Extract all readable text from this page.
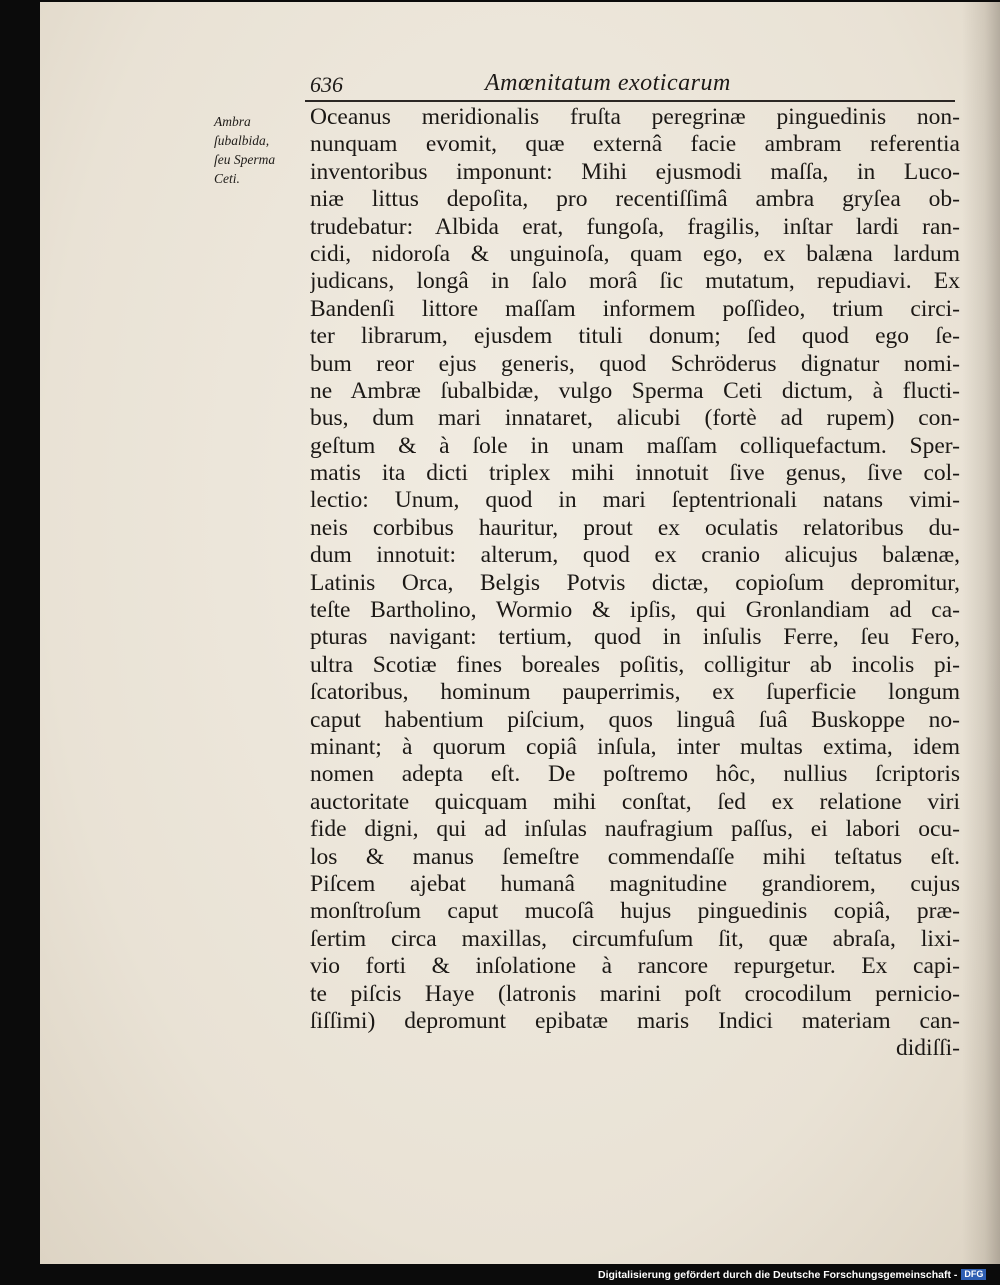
636	Amœnitatum exoticarum
Ambra
ſubalbida,
ſeu Sperma
Ceti.
Oceanus meridionalis fruſta peregrinæ pinguedinis non-
nunquam evomit, quæ externâ facie ambram referentia
inventoribus imponunt: Mihi ejusmodi maſſa, in Luco-
niæ littus depoſita, pro recentiſſimâ ambra gryſea ob-
trudebatur: Albida erat, fungoſa, fragilis, inſtar lardi ran-
cidi, nidoroſa & unguinoſa, quam ego, ex balæna lardum
judicans, longâ in ſalo morâ ſic mutatum, repudiavi. Ex
Bandenſi littore maſſam informem poſſideo, trium circi-
ter librarum, ejusdem tituli donum; ſed quod ego ſe-
bum reor ejus generis, quod Schröderus dignatur nomi-
ne Ambræ ſubalbidæ, vulgo Sperma Ceti dictum, à flucti-
bus, dum mari innataret, alicubi (fortè ad rupem) con-
geſtum & à ſole in unam maſſam colliquefactum. Sper-
matis ita dicti triplex mihi innotuit ſive genus, ſive col-
lectio: Unum, quod in mari ſeptentrionali natans vimi-
neis corbibus hauritur, prout ex oculatis relatoribus du-
dum innotuit: alterum, quod ex cranio alicujus balænæ,
Latinis Orca, Belgis Potvis dictæ, copioſum depromitur,
teſte Bartholino, Wormio & ipſis, qui Gronlandiam ad ca-
pturas navigant: tertium, quod in inſulis Ferre, ſeu Fero,
ultra Scotiæ fines boreales poſitis, colligitur ab incolis pi-
ſcatoribus, hominum pauperrimis, ex ſuperficie longum
caput habentium piſcium, quos linguâ ſuâ Buskoppe no-
minant; à quorum copiâ inſula, inter multas extima, idem
nomen adepta eſt. De poſtremo hôc, nullius ſcriptoris
auctoritate quicquam mihi conſtat, ſed ex relatione viri
fide digni, qui ad inſulas naufragium paſſus, ei labori ocu-
los & manus ſemeſtre commendaſſe mihi teſtatus eſt.
Piſcem ajebat humanâ magnitudine grandiorem, cujus
monſtroſum caput mucoſâ hujus pinguedinis copiâ, præ-
ſertim circa maxillas, circumfuſum ſit, quæ abraſa, lixi-
vio forti & inſolatione à rancore repurgetur. Ex capi-
te piſcis Haye (latronis marini poſt crocodilum pernicio-
ſiſſimi) depromunt epibatæ maris Indici materiam can-
didiſſi-
Digitalisierung gefördert durch die Deutsche Forschungsgemeinschaft - DFG
